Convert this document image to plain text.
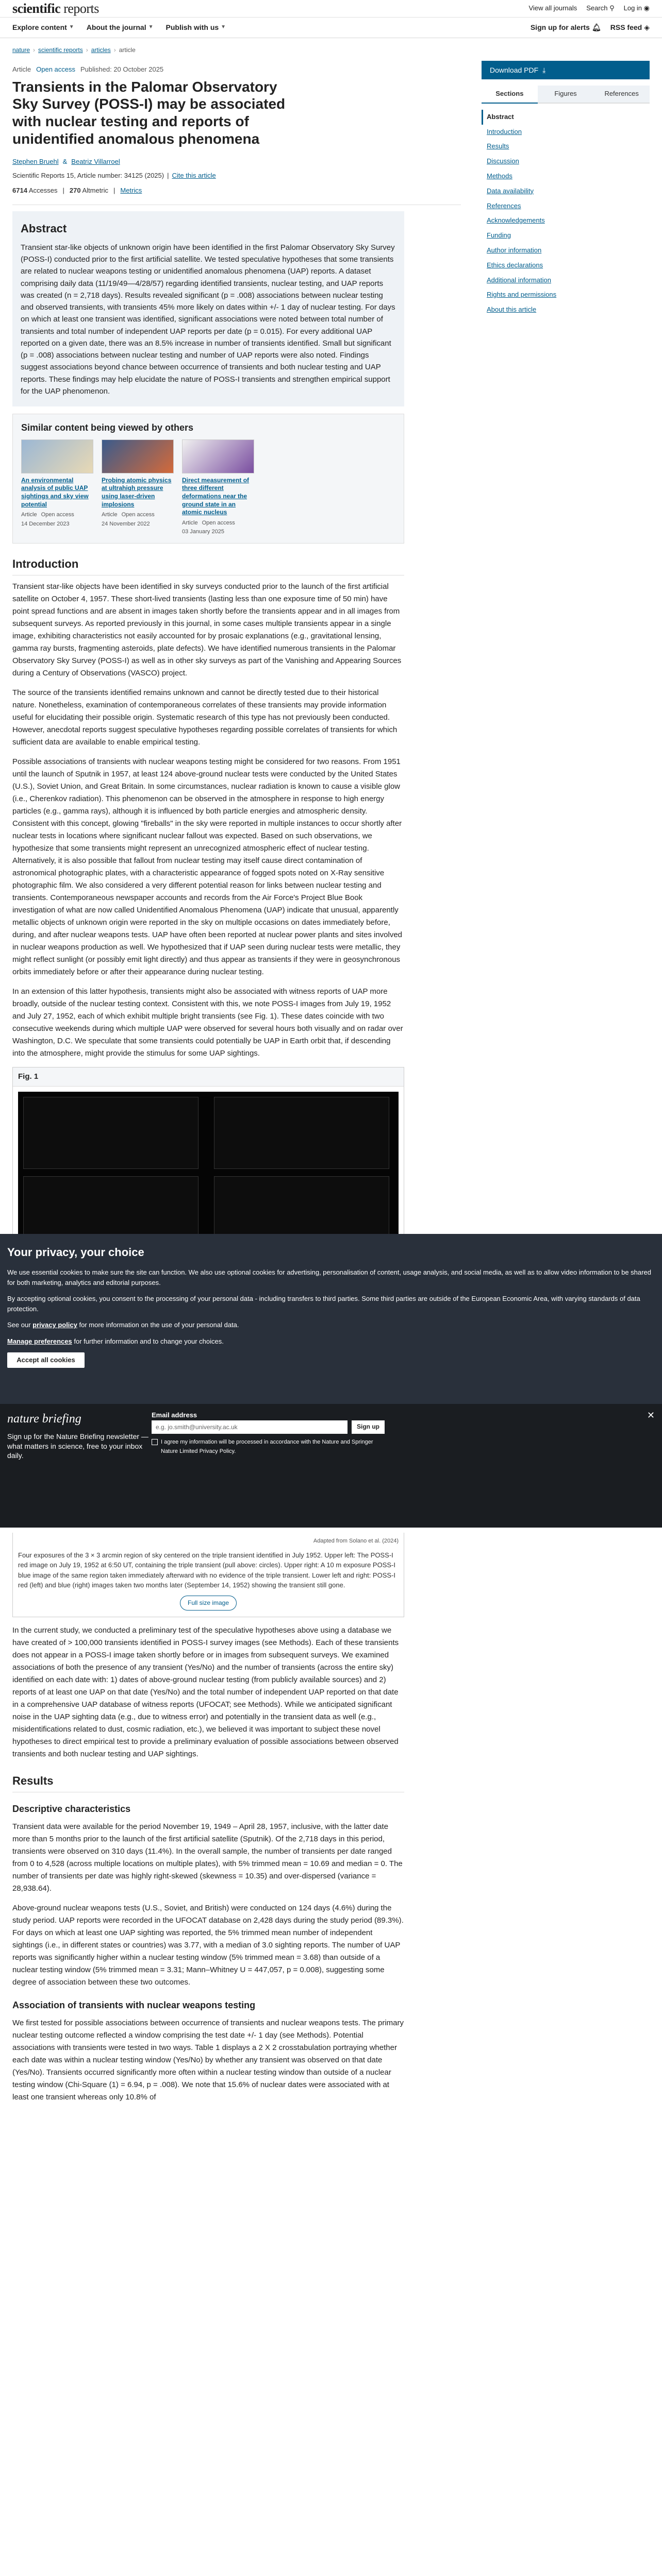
scientific reports	View all journals Search ⚲ Log in ◉
Explore content ▼ About the journal ▼ Publish with us ▼	Sign up for alerts 🔔︎ RSS feed ◈
nature › scientific reports › articles › article
Article Open access Published: 20 October 2025
Transients in the Palomar Observatory Sky Survey (POSS-I) may be associated with nuclear testing and reports of unidentified anomalous phenomena
Stephen Bruehl & Beatriz Villarroel
Scientific Reports 15, Article number: 34125 (2025) | Cite this article
6714 Accesses | 270 Altmetric | Metrics
Abstract

Transient star-like objects of unknown origin have been identified in the first Palomar Observatory Sky Survey (POSS-I) conducted prior to the first artificial satellite. We tested speculative hypotheses that some transients are related to nuclear weapons testing or unidentified anomalous phenomena (UAP) reports. A dataset comprising daily data (11/19/49—4/28/57) regarding identified transients, nuclear testing, and UAP reports was created (n = 2,718 days). Results revealed significant (p = .008) associations between nuclear testing and observed transients, with transients 45% more likely on dates within +/- 1 day of nuclear testing. For days on which at least one transient was identified, significant associations were noted between total number of transients and total number of independent UAP reports per date (p = 0.015). For every additional UAP reported on a given date, there was an 8.5% increase in number of transients identified. Small but significant (p = .008) associations between nuclear testing and number of UAP reports were also noted. Findings suggest associations beyond chance between occurrence of transients and both nuclear testing and UAP reports. These findings may help elucidate the nature of POSS-I transients and strengthen empirical support for the UAP phenomenon.

Similar content being viewed by others
An environmental analysis of public UAP sightings and sky view potential
Article Open access
14 December 2023
Probing atomic physics at ultrahigh pressure using laser-driven implosions
Article Open access
24 November 2022
Direct measurement of three different deformations near the ground state in an atomic nucleus
Article Open access
03 January 2025
Introduction

Transient star-like objects have been identified in sky surveys conducted prior to the launch of the first artificial satellite on October 4, 1957. These short-lived transients (lasting less than one exposure time of 50 min) have point spread functions and are absent in images taken shortly before the transients appear and in all images from subsequent surveys. As reported previously in this journal, in some cases multiple transients appear in a single image, exhibiting characteristics not easily accounted for by prosaic explanations (e.g., gravitational lensing, gamma ray bursts, fragmenting asteroids, plate defects). We have identified numerous transients in the Palomar Observatory Sky Survey (POSS-I) as well as in other sky surveys as part of the Vanishing and Appearing Sources during a Century of Observations (VASCO) project.

The source of the transients identified remains unknown and cannot be directly tested due to their historical nature. Nonetheless, examination of contemporaneous correlates of these transients may provide information useful for elucidating their possible origin. Systematic research of this type has not previously been conducted. However, anecdotal reports suggest speculative hypotheses regarding possible correlates of transients for which sufficient data are available to enable empirical testing.

Possible associations of transients with nuclear weapons testing might be considered for two reasons. From 1951 until the launch of Sputnik in 1957, at least 124 above-ground nuclear tests were conducted by the United States (U.S.), Soviet Union, and Great Britain. In some circumstances, nuclear radiation is known to cause a visible glow (i.e., Cherenkov radiation). This phenomenon can be observed in the atmosphere in response to high energy particles (e.g., gamma rays), although it is influenced by both particle energies and atmospheric density. Consistent with this concept, glowing "fireballs" in the sky were reported in multiple instances to occur shortly after nuclear tests in locations where significant nuclear fallout was expected. Based on such observations, we hypothesize that some transients might represent an unrecognized atmospheric effect of nuclear testing. Alternatively, it is also possible that fallout from nuclear testing may itself cause direct contamination of astronomical photographic plates, with a characteristic appearance of fogged spots noted on X-Ray sensitive photographic film. We also considered a very different potential reason for links between nuclear testing and transients. Contemporaneous newspaper accounts and records from the Air Force's Project Blue Book investigation of what are now called Unidentified Anomalous Phenomena (UAP) indicate that unusual, apparently metallic objects of unknown origin were reported in the sky on multiple occasions on dates immediately before, during, and after nuclear weapons tests. UAP have often been reported at nuclear power plants and sites involved in nuclear weapons production as well. We hypothesized that if UAP seen during nuclear tests were metallic, they might reflect sunlight (or possibly emit light directly) and thus appear as transients if they were in geosynchronous orbits immediately before or after their appearance during nuclear testing.

In an extension of this latter hypothesis, transients might also be associated with witness reports of UAP more broadly, outside of the nuclear testing context. Consistent with this, we note POSS-I images from July 19, 1952 and July 27, 1952, each of which exhibit multiple bright transients (see Fig. 1). These dates coincide with two consecutive weekends during which multiple UAP were observed for several hours both visually and on radar over Washington, D.C. We speculate that some transients could potentially be UAP in Earth orbit that, if descending into the atmosphere, might provide the stimulus for some UAP sightings.

Fig. 1
Download PDF ⤓
Sections	Figures	References
Abstract
Introduction
Results
Discussion
Methods
Data availability
References
Acknowledgements
Funding
Author information
Ethics declarations
Additional information
Rights and permissions
About this article
Your privacy, your choice

We use essential cookies to make sure the site can function. We also use optional cookies for advertising, personalisation of content, usage analysis, and social media, as well as to allow video information to be shared for both marketing, analytics and editorial purposes.

By accepting optional cookies, you consent to the processing of your personal data - including transfers to third parties. Some third parties are outside of the European Economic Area, with varying standards of data protection.

See our privacy policy for more information on the use of your personal data.

Manage preferences for further information and to change your choices.

Accept all cookies
nature briefing
Sign up for the Nature Briefing newsletter — what matters in science, free to your inbox daily.
Email address
e.g. jo.smith@university.ac.uk	Sign up
I agree my information will be processed in accordance with the Nature and Springer Nature Limited Privacy Policy.
✕
Adapted from Solano et al. (2024)
Four exposures of the 3 × 3 arcmin region of sky centered on the triple transient identified in July 1952. Upper left: The POSS-I red image on July 19, 1952 at 6:50 UT, containing the triple transient (pull above: circles). Upper right: A 10 m exposure POSS-I blue image of the same region taken immediately afterward with no evidence of the triple transient. Lower left and right: POSS-I red (left) and blue (right) images taken two months later (September 14, 1952) showing the transient still gone.
Full size image

In the current study, we conducted a preliminary test of the speculative hypotheses above using a database we have created of > 100,000 transients identified in POSS-I survey images (see Methods). Each of these transients does not appear in a POSS-I image taken shortly before or in images from subsequent surveys. We examined associations of both the presence of any transient (Yes/No) and the number of transients (across the entire sky) identified on each date with: 1) dates of above-ground nuclear testing (from publicly available sources) and 2) reports of at least one UAP on that date (Yes/No) and the total number of independent UAP reported on that date in a comprehensive UAP database of witness reports (UFOCAT; see Methods). While we anticipated significant noise in the UAP sighting data (e.g., due to witness error) and potentially in the transient data as well (e.g., misidentifications related to dust, cosmic radiation, etc.), we believed it was important to subject these novel hypotheses to direct empirical test to provide a preliminary evaluation of possible associations between observed transients and both nuclear testing and UAP sightings.

Results
Descriptive characteristics

Transient data were available for the period November 19, 1949 – April 28, 1957, inclusive, with the latter date more than 5 months prior to the launch of the first artificial satellite (Sputnik). Of the 2,718 days in this period, transients were observed on 310 days (11.4%). In the overall sample, the number of transients per date ranged from 0 to 4,528 (across multiple locations on multiple plates), with 5% trimmed mean = 10.69 and median = 0. The number of transients per date was highly right-skewed (skewness = 10.35) and over-dispersed (variance = 28,938.64).

Above-ground nuclear weapons tests (U.S., Soviet, and British) were conducted on 124 days (4.6%) during the study period. UAP reports were recorded in the UFOCAT database on 2,428 days during the study period (89.3%). For days on which at least one UAP sighting was reported, the 5% trimmed mean number of independent sightings (i.e., in different states or countries) was 3.77, with a median of 3.0 sighting reports. The number of UAP reports was significantly higher within a nuclear testing window (5% trimmed mean = 3.68) than outside of a nuclear testing window (5% trimmed mean = 3.31; Mann–Whitney U = 447,057, p = 0.008), suggesting some degree of association between these two outcomes.

Association of transients with nuclear weapons testing

We first tested for possible associations between occurrence of transients and nuclear weapons tests. The primary nuclear testing outcome reflected a window comprising the test date +/- 1 day (see Methods). Potential associations with transients were tested in two ways. Table 1 displays a 2 X 2 crosstabulation portraying whether each date was within a nuclear testing window (Yes/No) by whether any transient was observed on that date (Yes/No). Transients occurred significantly more often within a nuclear testing window than outside of a nuclear testing window (Chi-Square (1) = 6.94, p = .008). We note that 15.6% of nuclear dates were associated with at least one transient whereas only 10.8% of
